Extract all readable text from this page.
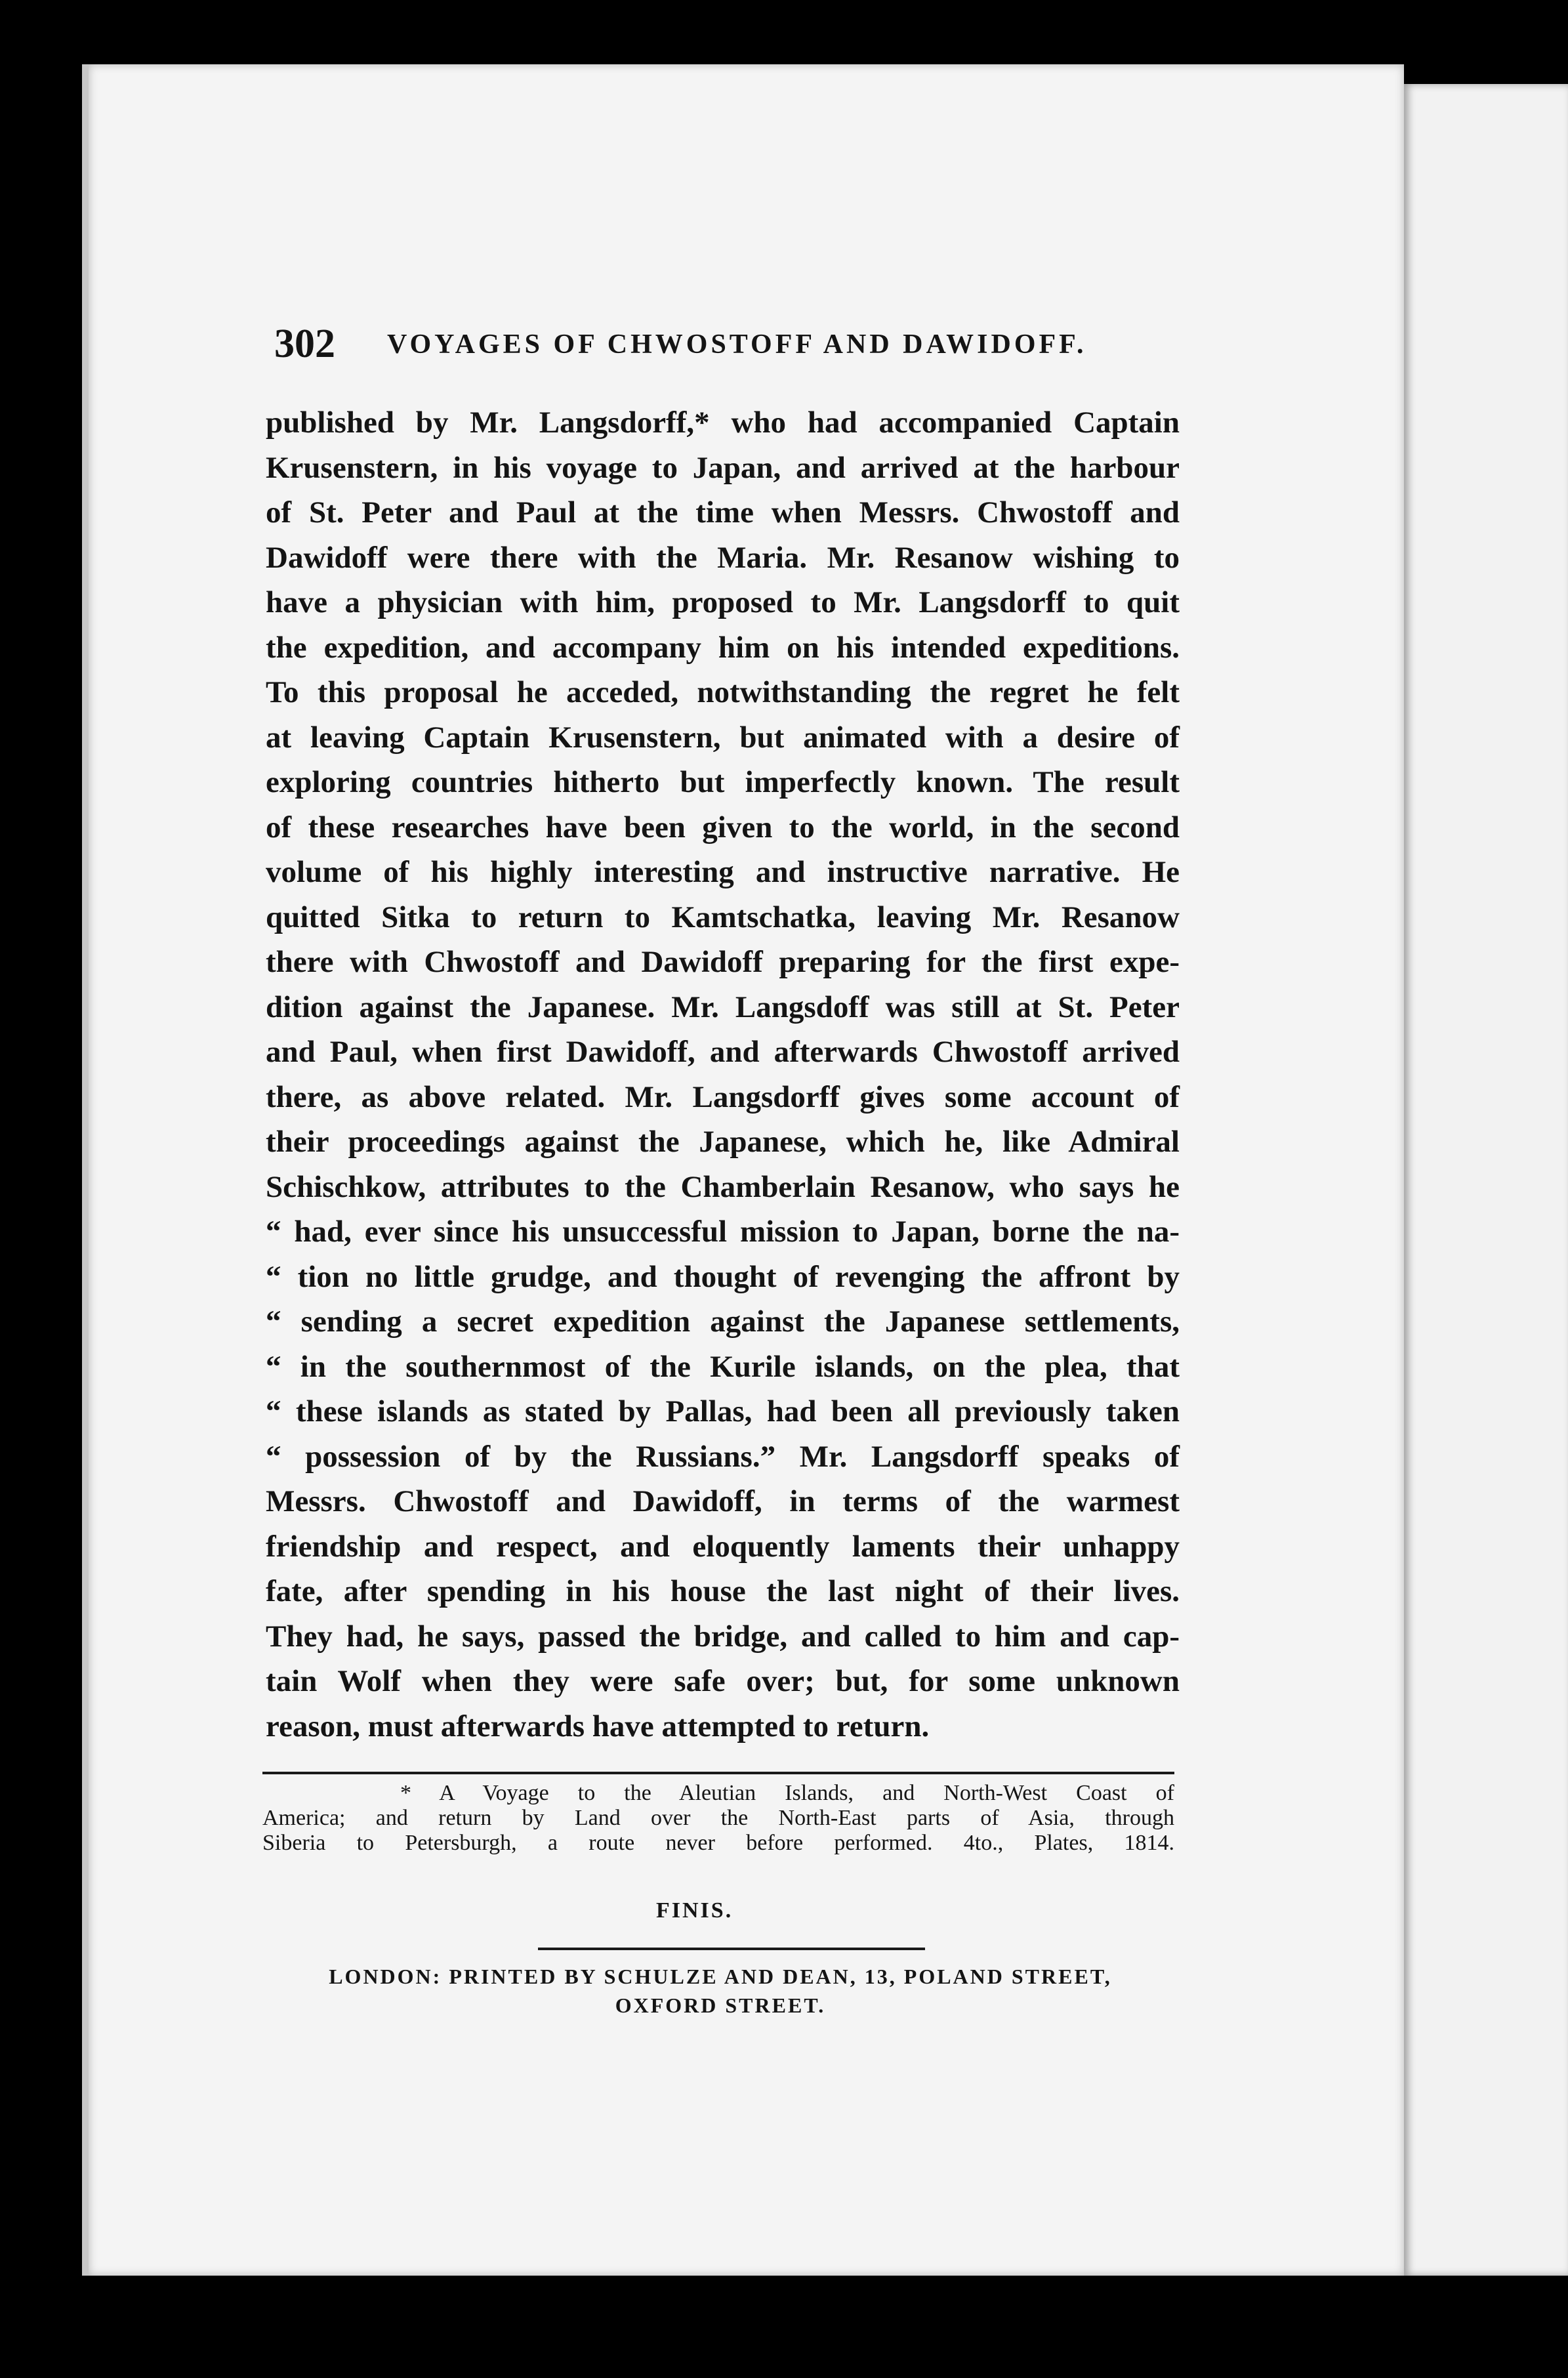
302 VOYAGES OF CHWOSTOFF AND DAWIDOFF.
published by Mr. Langsdorff,* who had accompanied Captain
Krusenstern, in his voyage to Japan, and arrived at the harbour
of St. Peter and Paul at the time when Messrs. Chwostoff and
Dawidoff were there with the Maria. Mr. Resanow wishing to
have a physician with him, proposed to Mr. Langsdorff to quit
the expedition, and accompany him on his intended expeditions.
To this proposal he acceded, notwithstanding the regret he felt
at leaving Captain Krusenstern, but animated with a desire of
exploring countries hitherto but imperfectly known. The result
of these researches have been given to the world, in the second
volume of his highly interesting and instructive narrative. He
quitted Sitka to return to Kamtschatka, leaving Mr. Resanow
there with Chwostoff and Dawidoff preparing for the first expe-
dition against the Japanese. Mr. Langsdoff was still at St. Peter
and Paul, when first Dawidoff, and afterwards Chwostoff arrived
there, as above related. Mr. Langsdorff gives some account of
their proceedings against the Japanese, which he, like Admiral
Schischkow, attributes to the Chamberlain Resanow, who says he
“ had, ever since his unsuccessful mission to Japan, borne the na-
“ tion no little grudge, and thought of revenging the affront by
“ sending a secret expedition against the Japanese settlements,
“ in the southernmost of the Kurile islands, on the plea, that
“ these islands as stated by Pallas, had been all previously taken
“ possession of by the Russians.” Mr. Langsdorff speaks of
Messrs. Chwostoff and Dawidoff, in terms of the warmest
friendship and respect, and eloquently laments their unhappy
fate, after spending in his house the last night of their lives.
They had, he says, passed the bridge, and called to him and cap-
tain Wolf when they were safe over; but, for some unknown
reason, must afterwards have attempted to return.
* A Voyage to the Aleutian Islands, and North-West Coast of
America; and return by Land over the North-East parts of Asia, through
Siberia to Petersburgh, a route never before performed. 4to., Plates, 1814.
FINIS.
LONDON: PRINTED BY SCHULZE AND DEAN, 13, POLAND STREET,
OXFORD STREET.
